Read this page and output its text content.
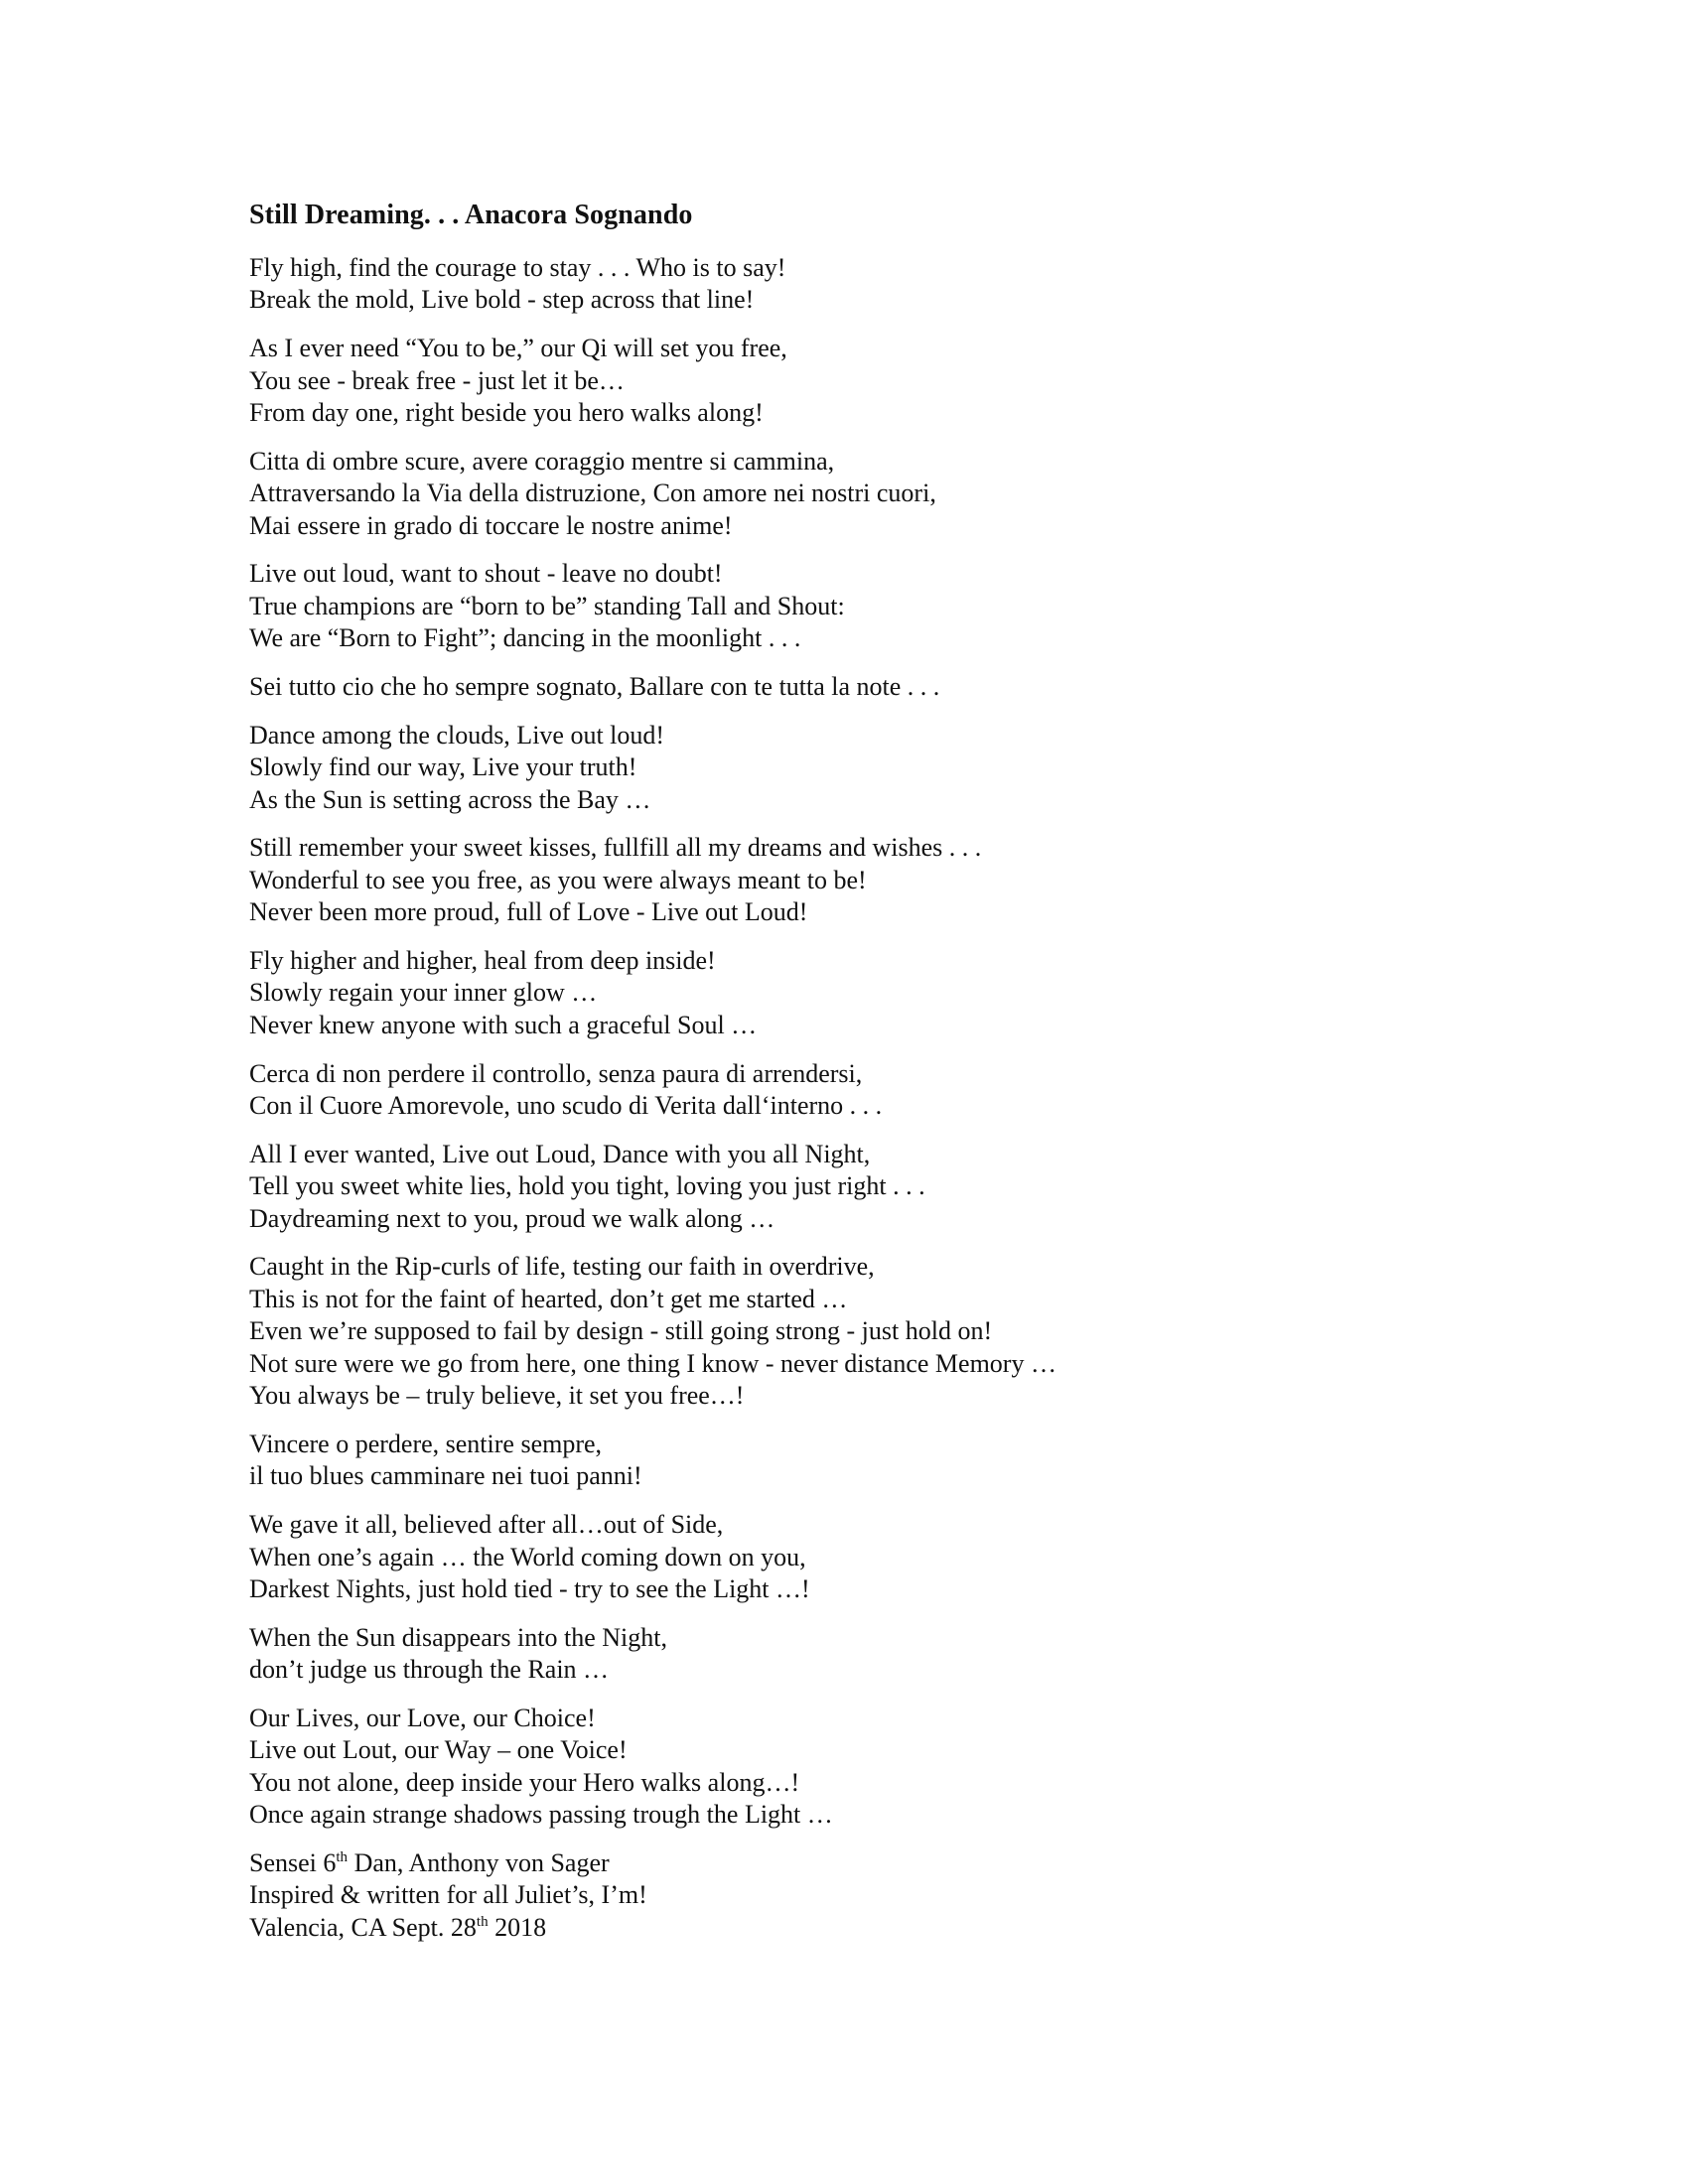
Still Dreaming. . . Anacora Sognando
Fly high, find the courage to stay . . . Who is to say!
Break the mold, Live bold - step across that line!
As I ever need “You to be,” our Qi will set you free,
You see - break free - just let it be…
From day one, right beside you hero walks along!
Citta di ombre scure, avere coraggio mentre si cammina,
Attraversando la Via della distruzione, Con amore nei nostri cuori,
Mai essere in grado di toccare le nostre anime!
Live out loud, want to shout - leave no doubt!
True champions are “born to be” standing Tall and Shout:
We are “Born to Fight”; dancing in the moonlight . . .
Sei tutto cio che ho sempre sognato, Ballare con te tutta la note . . .
Dance among the clouds, Live out loud!
Slowly find our way, Live your truth!
As the Sun is setting across the Bay …
Still remember your sweet kisses, fullfill all my dreams and wishes . . .
Wonderful to see you free, as you were always meant to be!
Never been more proud, full of Love - Live out Loud!
Fly higher and higher, heal from deep inside!
Slowly regain your inner glow …
Never knew anyone with such a graceful Soul …
Cerca di non perdere il controllo, senza paura di arrendersi,
Con il Cuore Amorevole, uno scudo di Verita dall‘interno . . .
All I ever wanted, Live out Loud, Dance with you all Night,
Tell you sweet white lies, hold you tight, loving you just right . . .
Daydreaming next to you, proud we walk along …
Caught in the Rip-curls of life, testing our faith in overdrive,
This is not for the faint of hearted, don’t get me started …
Even we’re supposed to fail by design - still going strong - just hold on!
Not sure were we go from here, one thing I know - never distance Memory …
You always be – truly believe, it set you free…!
Vincere o perdere, sentire sempre,
il tuo blues camminare nei tuoi panni!
We gave it all, believed after all…out of Side,
When one’s again … the World coming down on you,
Darkest Nights, just hold tied - try to see the Light …!
When the Sun disappears into the Night,
don’t judge us through the Rain …
Our Lives, our Love, our Choice!
Live out Lout, our Way – one Voice!
You not alone, deep inside your Hero walks along…!
Once again strange shadows passing trough the Light …
Sensei 6th Dan, Anthony von Sager
Inspired & written for all Juliet’s, I’m!
Valencia, CA Sept. 28th 2018
